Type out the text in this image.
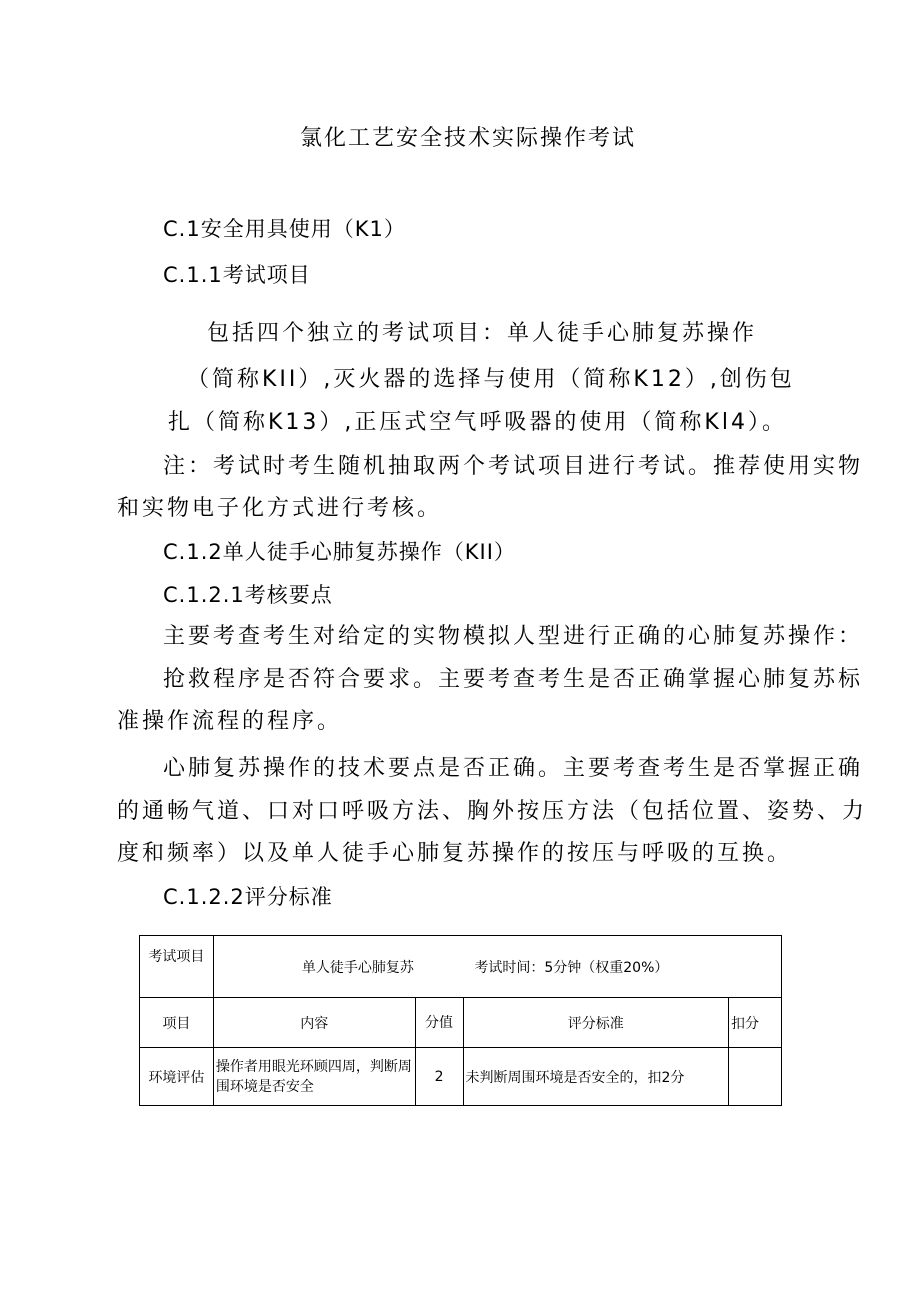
氯化工艺安全技术实际操作考试
C.1安全用具使用（K1）
C.1.1考试项目
包括四个独立的考试项目：单人徒手心肺复苏操作
（简称KII）,灭火器的选择与使用（简称K12）,创伤包
扎（简称K13）,正压式空气呼吸器的使用（简称Kl4）。
注：考试时考生随机抽取两个考试项目进行考试。推荐使用实物
和实物电子化方式进行考核。
C.1.2单人徒手心肺复苏操作（KII）
C.1.2.1考核要点
主要考查考生对给定的实物模拟人型进行正确的心肺复苏操作：
抢救程序是否符合要求。主要考查考生是否正确掌握心肺复苏标
准操作流程的程序。
心肺复苏操作的技术要点是否正确。主要考查考生是否掌握正确
的通畅气道、口对口呼吸方法、胸外按压方法（包括位置、姿势、力
度和频率）以及单人徒手心肺复苏操作的按压与呼吸的互换。
C.1.2.2评分标准
考试项目	单人徒手心肺复苏 考试时间：5分钟（权重20%）			
项目	内容	分值	评分标准	扣分
环境评估	操作者用眼光环顾四周，判断周围环境是否安全	2	未判断周围环境是否安全的，扣2分	
